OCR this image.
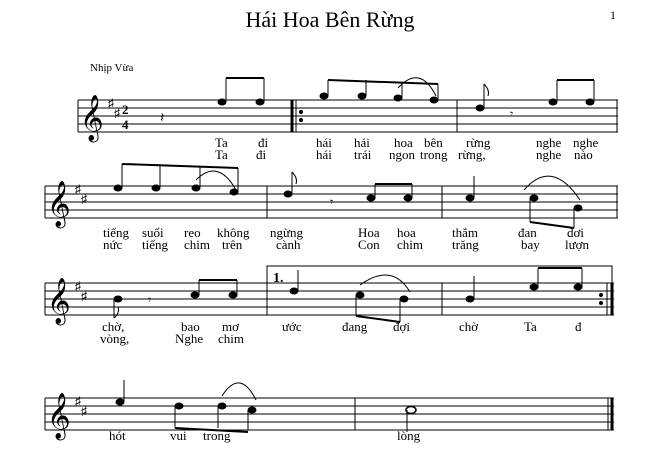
Hái Hoa Bên Rừng	1
Nhịp Vừa
𝄞
𝄞
𝄞
𝄞
♯
♯
♯
♯
♯
♯
♯
♯
2
4 𝄽	𝄾
𝄾
𝄾
1.
Ta đi	hái hái hoa bên rừng	nghe nghe
Ta đi	hái trái ngon trong rừng,	nghe nào
tiếng suối reo không ngừng	Hoa hoa	thắm	đan dơi
nức tiếng chim trên	cành	Con chim trăng	bay lượn
chờ,	bao mơ	ước	đang đợi	chờ	Ta	đ
vòng,	Nghe chim
hót	vui trong	lòng
